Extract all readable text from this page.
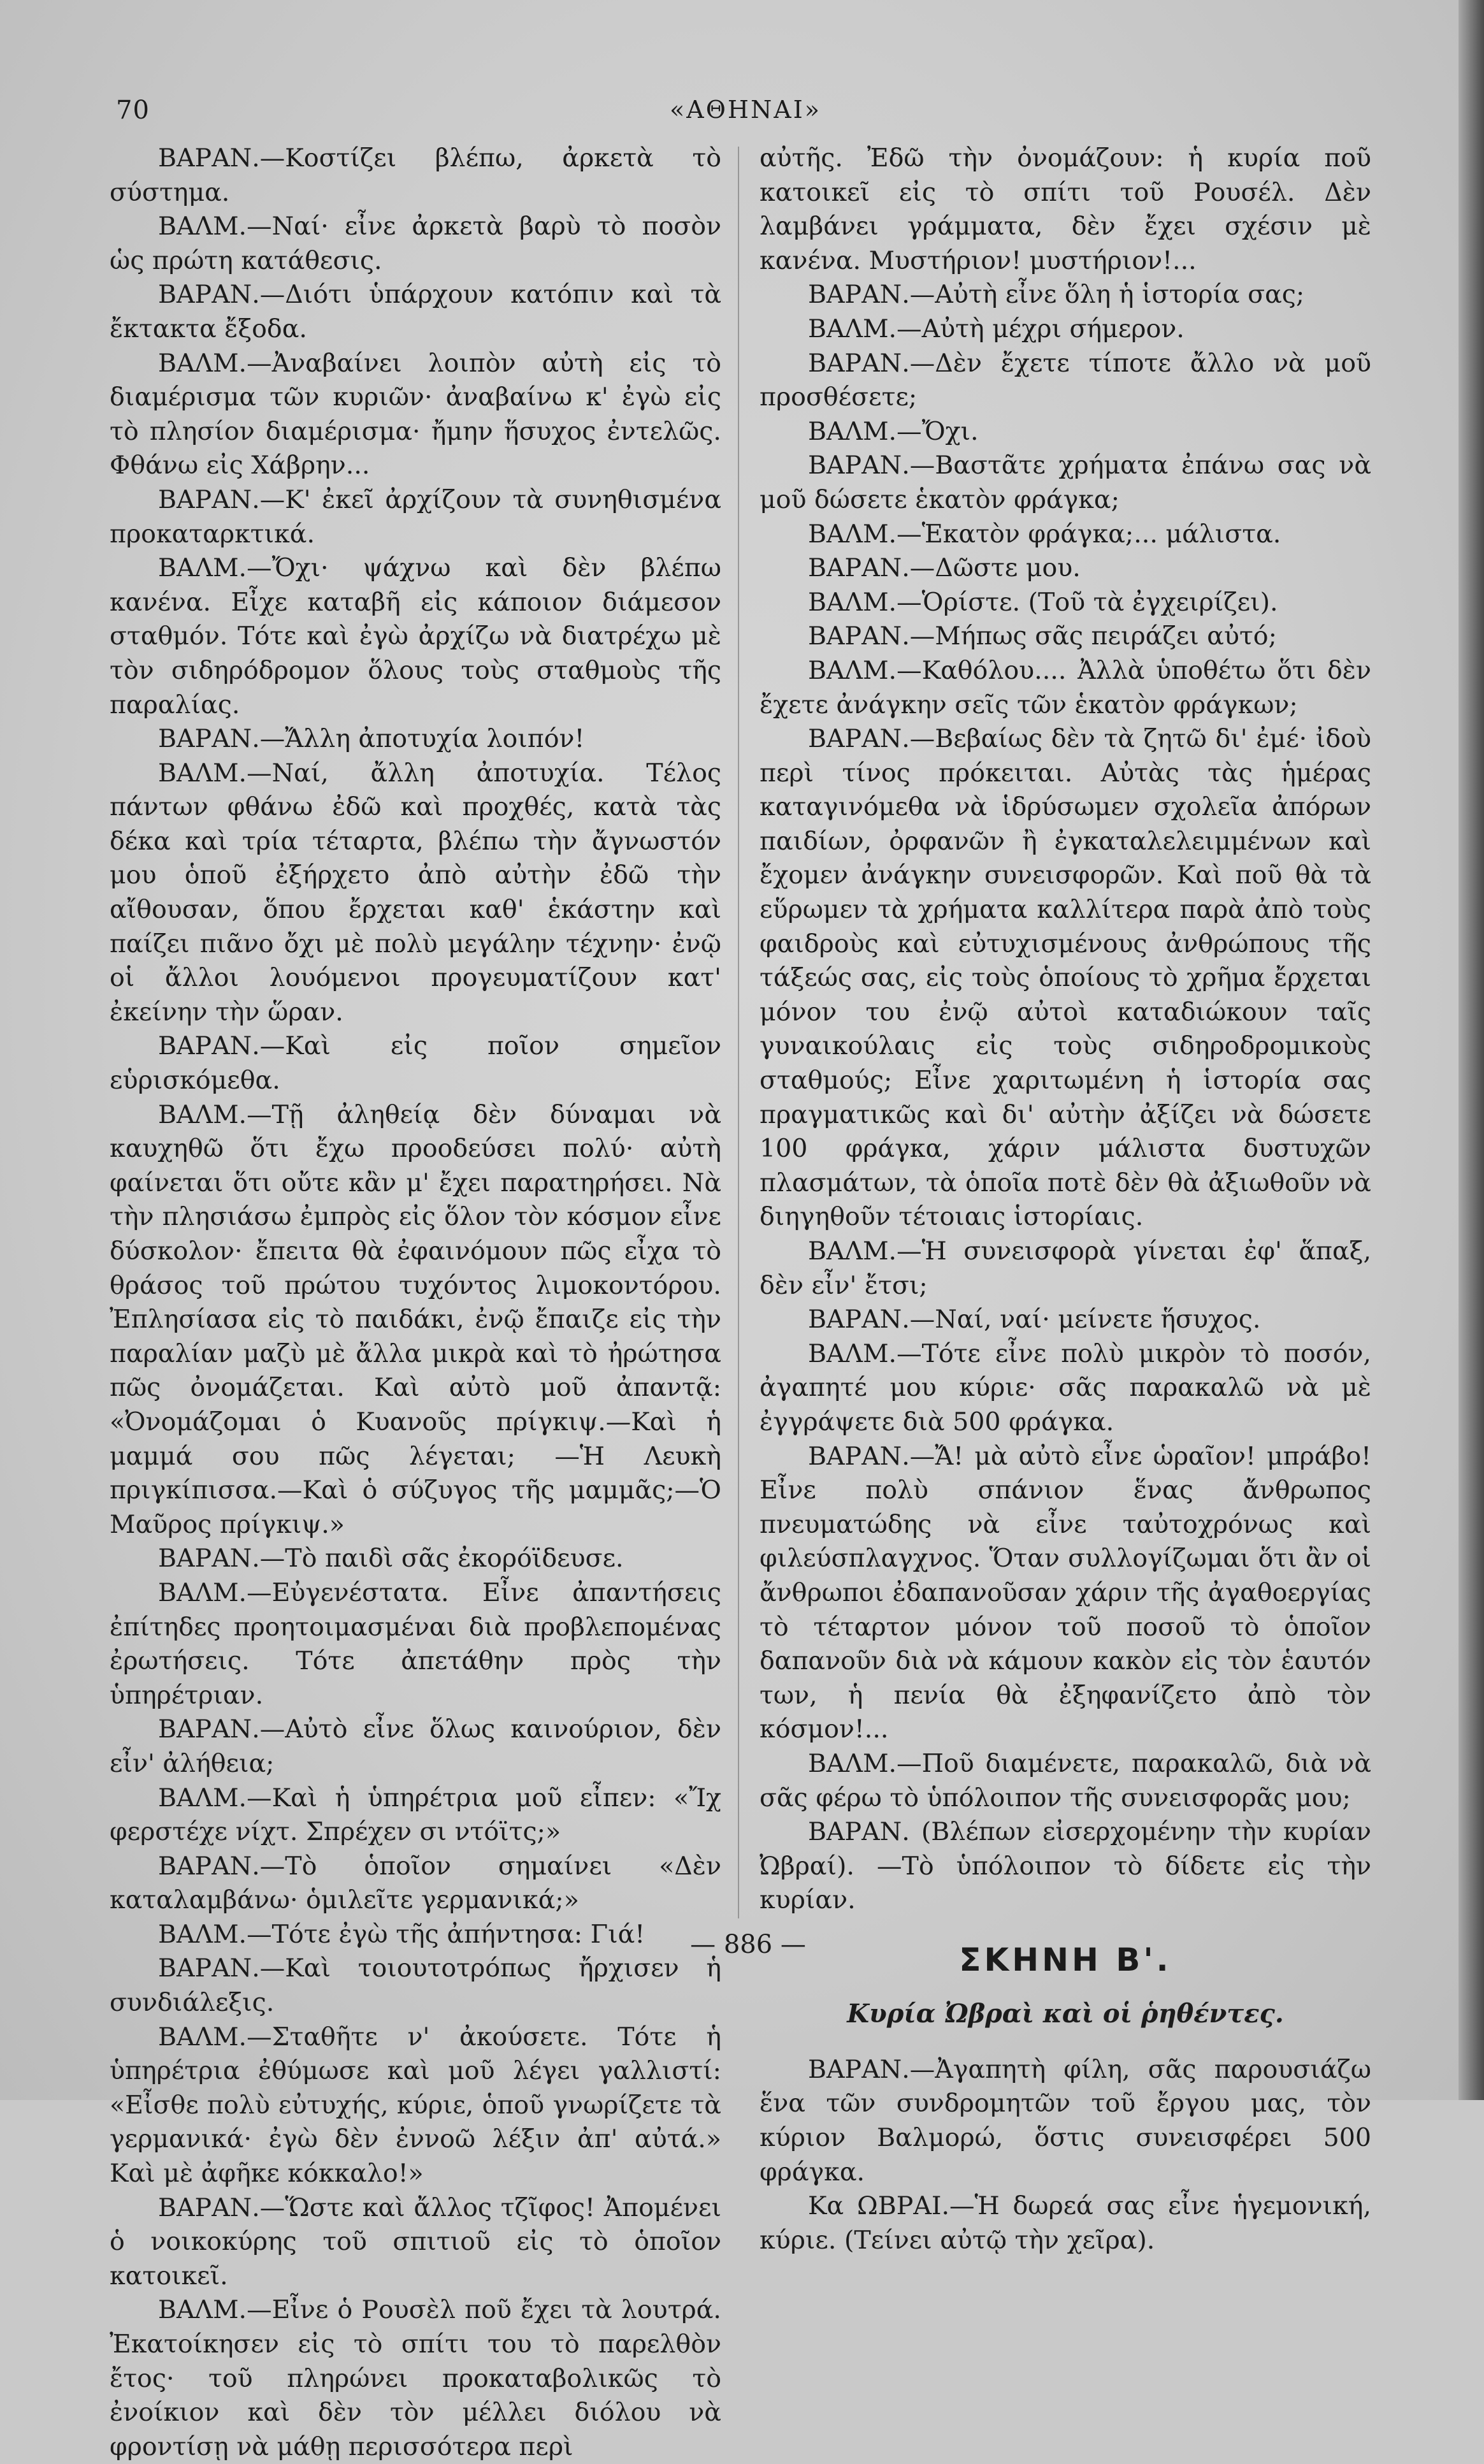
70	«ΑΘΗΝΑΙ»

ΒΑΡΑΝ.—Κοστίζει βλέπω, ἀρκετὰ τὸ σύστημα.

ΒΑΛΜ.—Ναί· εἶνε ἀρκετὰ βαρὺ τὸ ποσὸν ὡς πρώτη κατάθεσις.

ΒΑΡΑΝ.—Διότι ὑπάρχουν κατόπιν καὶ τὰ ἔκτακτα ἔξοδα.

ΒΑΛΜ.—Ἀναβαίνει λοιπὸν αὐτὴ εἰς τὸ διαμέρισμα τῶν κυριῶν· ἀναβαίνω κ' ἐγὼ εἰς τὸ πλησίον διαμέρισμα· ἤμην ἥσυχος ἐντελῶς. Φθάνω εἰς Χάβρην...

ΒΑΡΑΝ.—Κ' ἐκεῖ ἀρχίζουν τὰ συνηθισμένα προκαταρκτικά.

ΒΑΛΜ.—Ὄχι· ψάχνω καὶ δὲν βλέπω κανένα. Εἶχε καταβῆ εἰς κάποιον διάμεσον σταθμόν. Τότε καὶ ἐγὼ ἀρχίζω νὰ διατρέχω μὲ τὸν σιδηρόδρομον ὅλους τοὺς σταθμοὺς τῆς παραλίας.

ΒΑΡΑΝ.—Ἄλλη ἀποτυχία λοιπόν!

ΒΑΛΜ.—Ναί, ἄλλη ἀποτυχία. Τέλος πάντων φθάνω ἐδῶ καὶ προχθές, κατὰ τὰς δέκα καὶ τρία τέταρτα, βλέπω τὴν ἄγνωστόν μου ὁποῦ ἐξήρχετο ἀπὸ αὐτὴν ἐδῶ τὴν αἴθουσαν, ὅπου ἔρχεται καθ' ἑκάστην καὶ παίζει πιᾶνο ὄχι μὲ πολὺ μεγάλην τέχνην· ἐνῷ οἱ ἄλλοι λουόμενοι προγευματίζουν κατ' ἐκείνην τὴν ὥραν.

ΒΑΡΑΝ.—Καὶ εἰς ποῖον σημεῖον εὑρισκόμεθα.

ΒΑΛΜ.—Τῇ ἀληθείᾳ δὲν δύναμαι νὰ καυχηθῶ ὅτι ἔχω προοδεύσει πολύ· αὐτὴ φαίνεται ὅτι οὔτε κἂν μ' ἔχει παρατηρήσει. Νὰ τὴν πλησιάσω ἐμπρὸς εἰς ὅλον τὸν κόσμον εἶνε δύσκολον· ἔπειτα θὰ ἐφαινόμουν πῶς εἶχα τὸ θράσος τοῦ πρώτου τυχόντος λιμοκοντόρου. Ἐπλησίασα εἰς τὸ παιδάκι, ἐνῷ ἔπαιζε εἰς τὴν παραλίαν μαζὺ μὲ ἄλλα μικρὰ καὶ τὸ ἠρώτησα πῶς ὀνομάζεται. Καὶ αὐτὸ μοῦ ἀπαντᾷ: «Ὀνομάζομαι ὁ Κυανοῦς πρίγκιψ.—Καὶ ἡ μαμμά σου πῶς λέγεται; —Ἡ Λευκὴ πριγκίπισσα.—Καὶ ὁ σύζυγος τῆς μαμμᾶς;—Ὁ Μαῦρος πρίγκιψ.»

ΒΑΡΑΝ.—Τὸ παιδὶ σᾶς ἐκορόϊδευσε.

ΒΑΛΜ.—Εὐγενέστατα. Εἶνε ἀπαντήσεις ἐπίτηδες προητοιμασμέναι διὰ προβλεπομένας ἐρωτήσεις. Τότε ἀπετάθην πρὸς τὴν ὑπηρέτριαν.

ΒΑΡΑΝ.—Αὐτὸ εἶνε ὅλως καινούριον, δὲν εἶν' ἀλήθεια;

ΒΑΛΜ.—Καὶ ἡ ὑπηρέτρια μοῦ εἶπεν: «Ἴχ φερστέχε νίχτ. Σπρέχεν σι ντόϊτς;»

ΒΑΡΑΝ.—Τὸ ὁποῖον σημαίνει «Δὲν καταλαμβάνω· ὁμιλεῖτε γερμανικά;»

ΒΑΛΜ.—Τότε ἐγὼ τῆς ἀπήντησα: Γιά!

ΒΑΡΑΝ.—Καὶ τοιουτοτρόπως ἤρχισεν ἡ συνδιάλεξις.

ΒΑΛΜ.—Σταθῆτε ν' ἀκούσετε. Τότε ἡ ὑπηρέτρια ἐθύμωσε καὶ μοῦ λέγει γαλλιστί: «Εἶσθε πολὺ εὐτυχής, κύριε, ὁποῦ γνωρίζετε τὰ γερμανικά· ἐγὼ δὲν ἐννοῶ λέξιν ἀπ' αὐτά.» Καὶ μὲ ἀφῆκε κόκκαλο!»

ΒΑΡΑΝ.—Ὥστε καὶ ἄλλος τζῖφος! Ἀπομένει ὁ νοικοκύρης τοῦ σπιτιοῦ εἰς τὸ ὁποῖον κατοικεῖ.

ΒΑΛΜ.—Εἶνε ὁ Ρουσὲλ ποῦ ἔχει τὰ λουτρά. Ἐκατοίκησεν εἰς τὸ σπίτι του τὸ παρελθὸν ἔτος· τοῦ πληρώνει προκαταβολικῶς τὸ ἐνοίκιον καὶ δὲν τὸν μέλλει διόλου νὰ φροντίσῃ νὰ μάθῃ περισσότερα περὶ

αὐτῆς. Ἐδῶ τὴν ὀνομάζουν: ἡ κυρία ποῦ κατοικεῖ εἰς τὸ σπίτι τοῦ Ρουσέλ. Δὲν λαμβάνει γράμματα, δὲν ἔχει σχέσιν μὲ κανένα. Μυστήριον! μυστήριον!...

ΒΑΡΑΝ.—Αὐτὴ εἶνε ὅλη ἡ ἱστορία σας;

ΒΑΛΜ.—Αὐτὴ μέχρι σήμερον.

ΒΑΡΑΝ.—Δὲν ἔχετε τίποτε ἄλλο νὰ μοῦ προσθέσετε;

ΒΑΛΜ.—Ὄχι.

ΒΑΡΑΝ.—Βαστᾶτε χρήματα ἐπάνω σας νὰ μοῦ δώσετε ἑκατὸν φράγκα;

ΒΑΛΜ.—Ἑκατὸν φράγκα;... μάλιστα.

ΒΑΡΑΝ.—Δῶστε μου.

ΒΑΛΜ.—Ὁρίστε. (Τοῦ τὰ ἐγχειρίζει).

ΒΑΡΑΝ.—Μήπως σᾶς πειράζει αὐτό;

ΒΑΛΜ.—Καθόλου.... Ἀλλὰ ὑποθέτω ὅτι δὲν ἔχετε ἀνάγκην σεῖς τῶν ἑκατὸν φράγκων;

ΒΑΡΑΝ.—Βεβαίως δὲν τὰ ζητῶ δι' ἐμέ· ἰδοὺ περὶ τίνος πρόκειται. Αὐτὰς τὰς ἡμέρας καταγινόμεθα νὰ ἱδρύσωμεν σχολεῖα ἀπόρων παιδίων, ὀρφανῶν ἢ ἐγκαταλελειμμένων καὶ ἔχομεν ἀνάγκην συνεισφορῶν. Καὶ ποῦ θὰ τὰ εὕρωμεν τὰ χρήματα καλλίτερα παρὰ ἀπὸ τοὺς φαιδροὺς καὶ εὐτυχισμένους ἀνθρώπους τῆς τάξεώς σας, εἰς τοὺς ὁποίους τὸ χρῆμα ἔρχεται μόνον του ἐνῷ αὐτοὶ καταδιώκουν ταῖς γυναικούλαις εἰς τοὺς σιδηροδρομικοὺς σταθμούς; Εἶνε χαριτωμένη ἡ ἱστορία σας πραγματικῶς καὶ δι' αὐτὴν ἀξίζει νὰ δώσετε 100 φράγκα, χάριν μάλιστα δυστυχῶν πλασμάτων, τὰ ὁποῖα ποτὲ δὲν θὰ ἀξιωθοῦν νὰ διηγηθοῦν τέτοιαις ἱστορίαις.

ΒΑΛΜ.—Ἡ συνεισφορὰ γίνεται ἐφ' ἅπαξ, δὲν εἶν' ἔτσι;

ΒΑΡΑΝ.—Ναί, ναί· μείνετε ἥσυχος.

ΒΑΛΜ.—Τότε εἶνε πολὺ μικρὸν τὸ ποσόν, ἀγαπητέ μου κύριε· σᾶς παρακαλῶ νὰ μὲ ἐγγράψετε διὰ 500 φράγκα.

ΒΑΡΑΝ.—Ἄ! μὰ αὐτὸ εἶνε ὡραῖον! μπράβο! Εἶνε πολὺ σπάνιον ἕνας ἄνθρωπος πνευματώδης νὰ εἶνε ταὐτοχρόνως καὶ φιλεύσπλαγχνος. Ὅταν συλλογίζωμαι ὅτι ἂν οἱ ἄνθρωποι ἐδαπανοῦσαν χάριν τῆς ἀγαθοεργίας τὸ τέταρτον μόνον τοῦ ποσοῦ τὸ ὁποῖον δαπανοῦν διὰ νὰ κάμουν κακὸν εἰς τὸν ἑαυτόν των, ἡ πενία θὰ ἐξηφανίζετο ἀπὸ τὸν κόσμον!...

ΒΑΛΜ.—Ποῦ διαμένετε, παρακαλῶ, διὰ νὰ σᾶς φέρω τὸ ὑπόλοιπον τῆς συνεισφορᾶς μου;

ΒΑΡΑΝ. (Βλέπων εἰσερχομένην τὴν κυρίαν Ὠβραί). —Τὸ ὑπόλοιπον τὸ δίδετε εἰς τὴν κυρίαν.

ΣΚΗΝΗ Β'.
Κυρία Ὠβραὶ καὶ οἱ ῥηθέντες.

ΒΑΡΑΝ.—Ἀγαπητὴ φίλη, σᾶς παρουσιάζω ἕνα τῶν συνδρομητῶν τοῦ ἔργου μας, τὸν κύριον Βαλμορώ, ὅστις συνεισφέρει 500 φράγκα.

Κα ΩΒΡΑΙ.—Ἡ δωρεά σας εἶνε ἡγεμονική, κύριε. (Τείνει αὐτῷ τὴν χεῖρα).

— 886 —
